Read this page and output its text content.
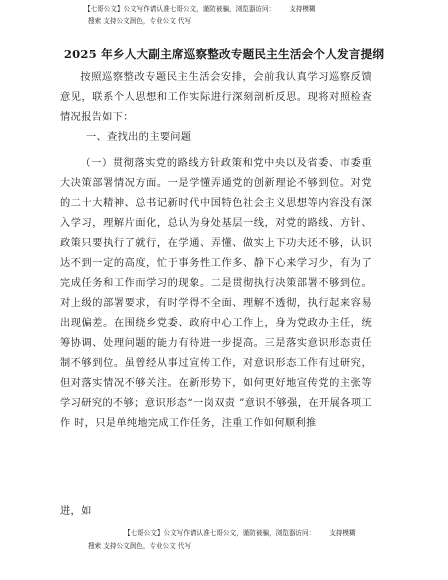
【七哥公文】公文写作请认准七哥公文，谨防被骗，浏览器访问： 支持模糊
搜索 支持公文润色，专业公文 代写
2025 年乡人大副主席巡察整改专题民主生活会个人发言提纲
按照巡察整改专题民主生活会安排，会前我认真学习巡察反馈意见，联系个人思想和工作实际进行深刻剖析反思。现将对照检查情况报告如下：
一、查找出的主要问题
（一）贯彻落实党的路线方针政策和党中央以及省委、市委重大决策部署情况方面。一是学懂弄通党的创新理论不够到位。对党的二十大精神、总书记新时代中国特色社会主义思想等内容没有深入学习，理解片面化，总认为身处基层一线，对党的路线、方针、政策只要执行了就行，在学通、弄懂、做实上下功夫还不够，认识达不到一定的高度，忙于事务性工作多、静下心来学习少，有为了完成任务和工作而学习的现象。二是贯彻执行决策部署不够到位。对上级的部署要求，有时学得不全面、理解不透彻，执行起来容易出现偏差。在围绕乡党委、政府中心工作上，身为党政办主任，统筹协调、处理问题的能力有待进一步提高。三是落实意识形态责任制不够到位。虽曾经从事过宣传工作，对意识形态工作有过研究，但对落实情况不够关注。在新形势下，如何更好地宣传党的主张等学习研究的不够；意识形态“一岗双责 ”意识不够强，在开展各项工作 时，只是单纯地完成工作任务，注重工作如何顺利推
进，如
【七哥公文】公文写作请认准七哥公文，谨防被骗，浏览器访问： 支持模糊
搜索 支持公文润色，专业公文 代写
